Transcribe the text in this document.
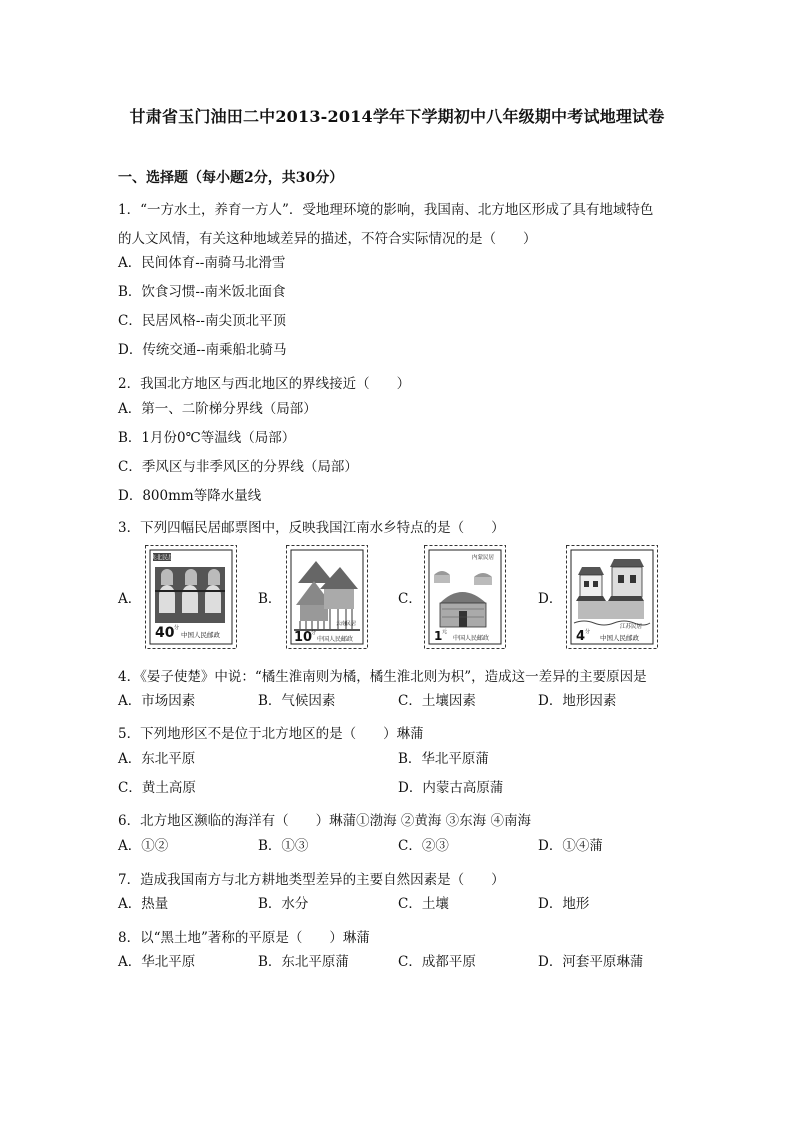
甘肃省玉门油田二中2013-2014学年下学期初中八年级期中考试地理试卷
一、选择题（每小题2分，共30分）
1．“一方水土，养育一方人”．受地理环境的影响，我国南、北方地区形成了具有地域特色
的人文风情，有关这种地域差异的描述，不符合实际情况的是（　　）
A．民间体育--南骑马北滑雪
B．饮食习惯--南米饭北面食
C．民居风格--南尖顶北平顶
D．传统交通--南乘船北骑马
2．我国北方地区与西北地区的界线接近（　　）
A．第一、二阶梯分界线（局部）
B．1月份0℃等温线（局部）
C．季风区与非季风区的分界线（局部）
D．800mm等降水量线
3．下列四幅民居邮票图中，反映我国江南水乡特点的是（　　）
A．	B．	C．	D．
陕北民居
40 分
中国人民邮政
云南民居
10
分
中国人民邮政
内蒙民居
1 元
中国人民邮政
江苏民居
4 分
中国人民邮政
4．《晏子使楚》中说：“橘生淮南则为橘，橘生淮北则为枳”，造成这一差异的主要原因是
A．市场因素	B．气候因素	C．土壤因素	D．地形因素
5．下列地形区不是位于北方地区的是（　　）琳蒲
A．东北平原	B．华北平原蒲
C．黄土高原	D．内蒙古高原蒲
6．北方地区濒临的海洋有（　　）琳蒲①渤海 ②黄海 ③东海 ④南海
A．①②	B．①③	C．②③	D．①④蒲
7．造成我国南方与北方耕地类型差异的主要自然因素是（　　）
A．热量	B．水分	C．土壤	D．地形
8．以“黑土地”著称的平原是（　　）琳蒲
A．华北平原	B．东北平原蒲	C．成都平原	D．河套平原琳蒲
